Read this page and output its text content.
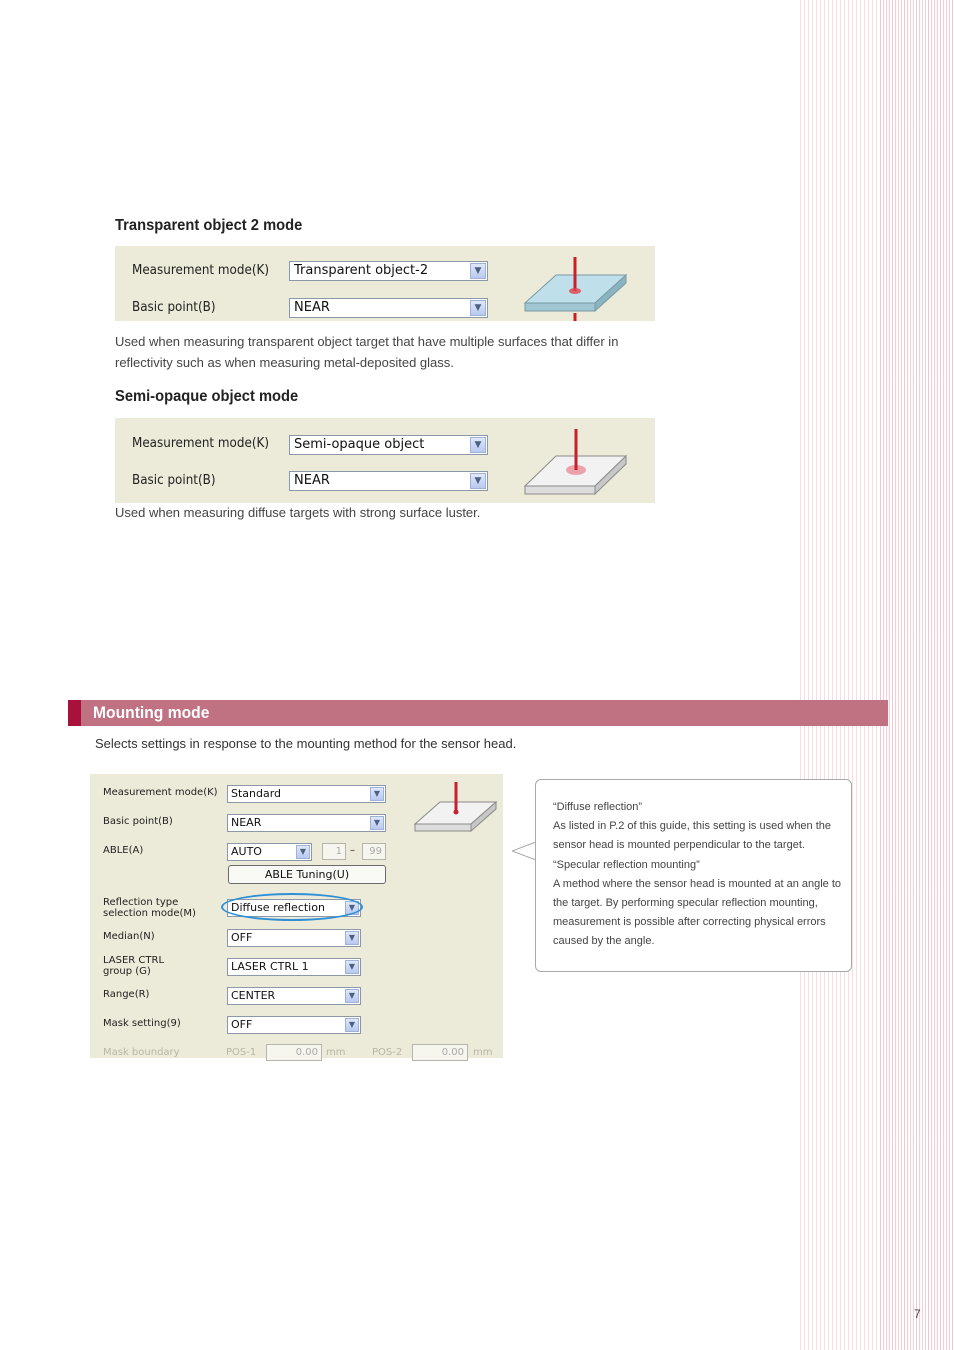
Transparent object 2 mode
Measurement mode(K)	Transparent object-2	▼
Basic point(B)	NEAR	▼
Used when measuring transparent object target that have multiple surfaces that differ in reflectivity such as when measuring metal-deposited glass.
Semi-opaque object mode
Measurement mode(K)	Semi-opaque object	▼
Basic point(B)	NEAR	▼
Used when measuring diffuse targets with strong surface luster.
Mounting mode
Selects settings in response to the mounting method for the sensor head.
Measurement mode(K)	Standard	▼
Basic point(B)	NEAR	▼
ABLE(A)	AUTO	▼	1 –	99
ABLE Tuning(U)
Reflection type
selection mode(M)	Diffuse reflection	▼
Median(N)	OFF	▼
LASER CTRL
group (G)	LASER CTRL 1	▼
Range(R)	CENTER	▼
Mask setting(9)	OFF	▼
Mask boundary	POS-1	0.00 mm	POS-2	0.00 mm
“Diffuse reflection”
As listed in P.2 of this guide, this setting is used when the sensor head is mounted perpendicular to the target.
“Specular reflection mounting”
A method where the sensor head is mounted at an angle to the target. By performing specular reflection mounting, measurement is possible after correcting physical errors caused by the angle.
7
